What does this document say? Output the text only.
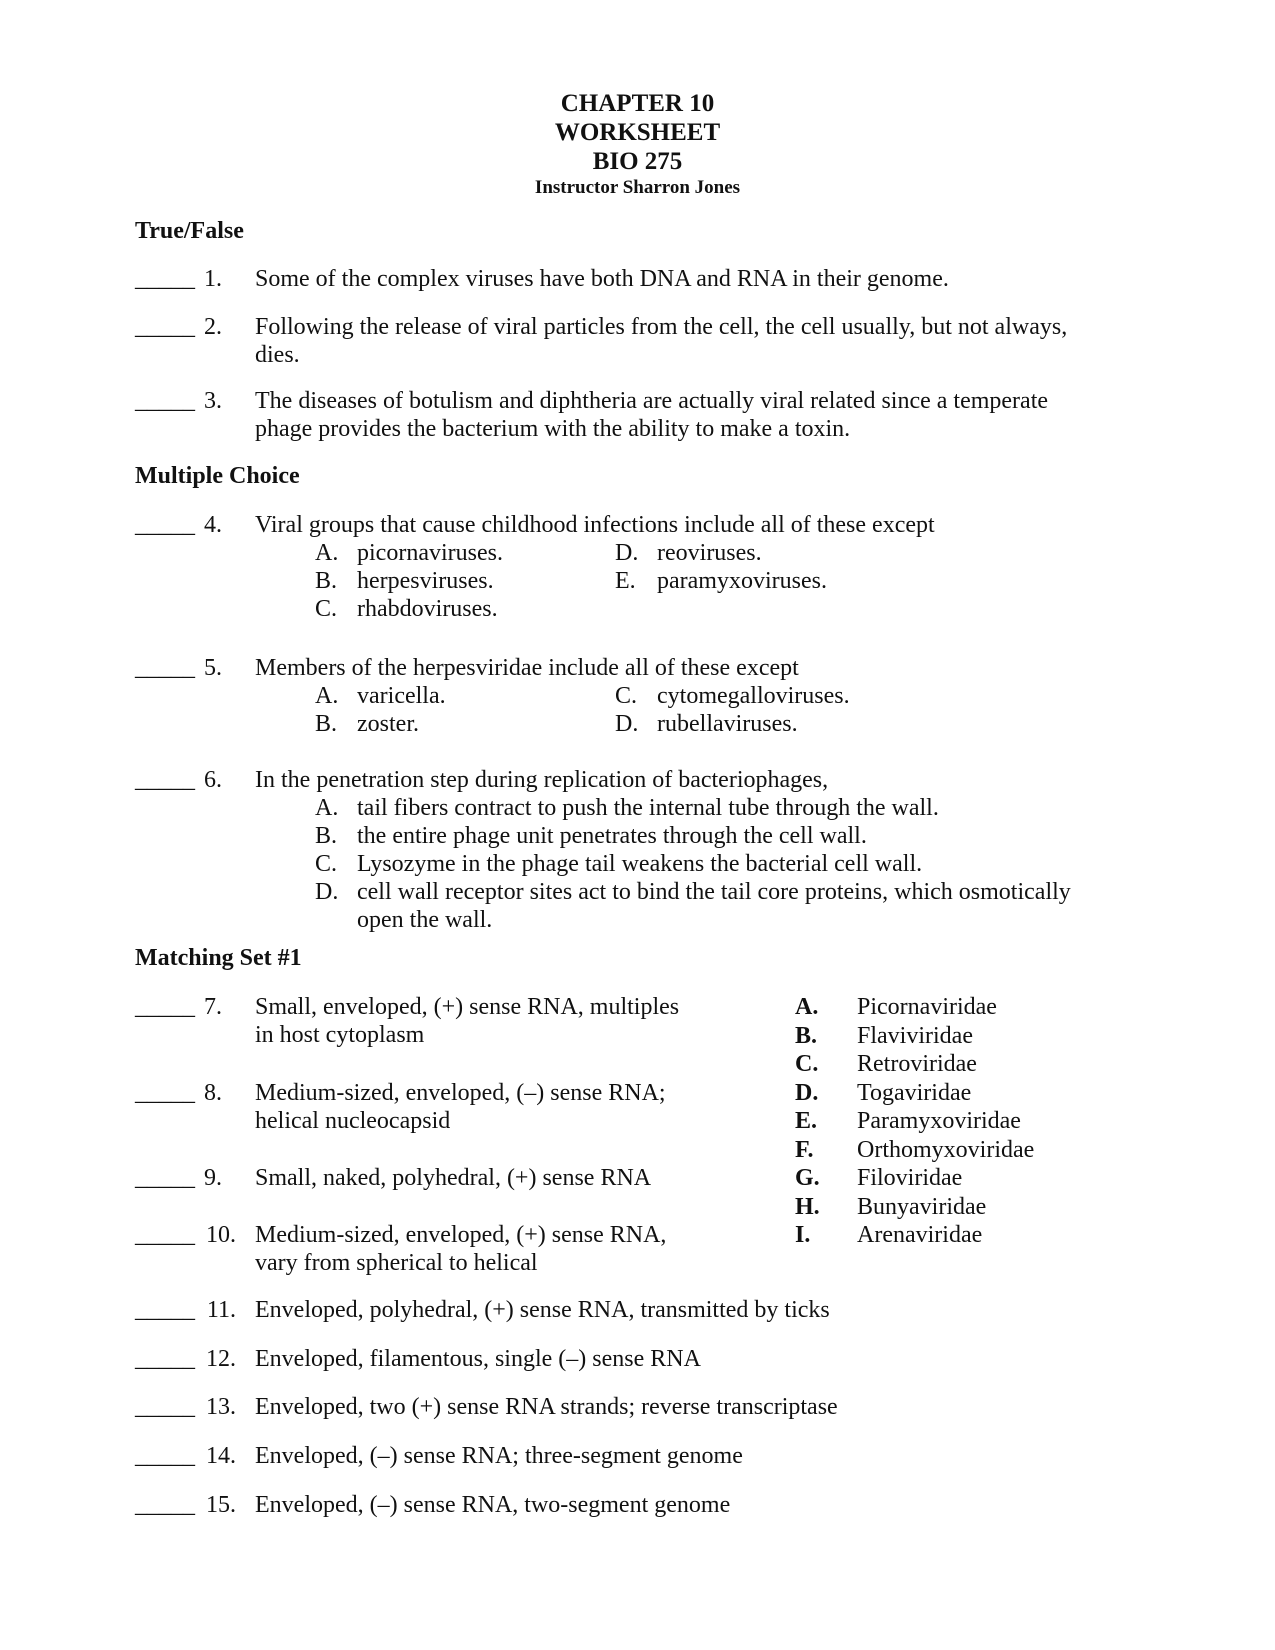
CHAPTER 10
WORKSHEET
BIO 275
Instructor Sharron Jones
True/False
_____ 1. Some of the complex viruses have both DNA and RNA in their genome.
_____ 2. Following the release of viral particles from the cell, the cell usually, but not always,
dies.
_____ 3. The diseases of botulism and diphtheria are actually viral related since a temperate
phage provides the bacterium with the ability to make a toxin.
Multiple Choice
_____ 4. Viral groups that cause childhood infections include all of these except
A. picornaviruses.
B. herpesviruses.
C. rhabdoviruses.
D. reoviruses.
E. paramyxoviruses.
_____ 5. Members of the herpesviridae include all of these except
A. varicella.
B. zoster.
C. cytomegalloviruses.
D. rubellaviruses.
_____ 6. In the penetration step during replication of bacteriophages,
A. tail fibers contract to push the internal tube through the wall.
B. the entire phage unit penetrates through the cell wall.
C. Lysozyme in the phage tail weakens the bacterial cell wall.
D. cell wall receptor sites act to bind the tail core proteins, which osmotically
open the wall.
Matching Set #1
_____ 7. Small, enveloped, (+) sense RNA, multiples
in host cytoplasm
_____ 8. Medium-sized, enveloped, (–) sense RNA;
helical nucleocapsid
_____ 9. Small, naked, polyhedral, (+) sense RNA
_____ 10. Medium-sized, enveloped, (+) sense RNA,
vary from spherical to helical
_____ 11. Enveloped, polyhedral, (+) sense RNA, transmitted by ticks
_____ 12. Enveloped, filamentous, single (–) sense RNA
_____ 13. Enveloped, two (+) sense RNA strands; reverse transcriptase
_____ 14. Enveloped, (–) sense RNA; three-segment genome
_____ 15. Enveloped, (–) sense RNA, two-segment genome
A. Picornaviridae
B. Flaviviridae
C. Retroviridae
D. Togaviridae
E. Paramyxoviridae
F. Orthomyxoviridae
G. Filoviridae
H. Bunyaviridae
I. Arenaviridae
